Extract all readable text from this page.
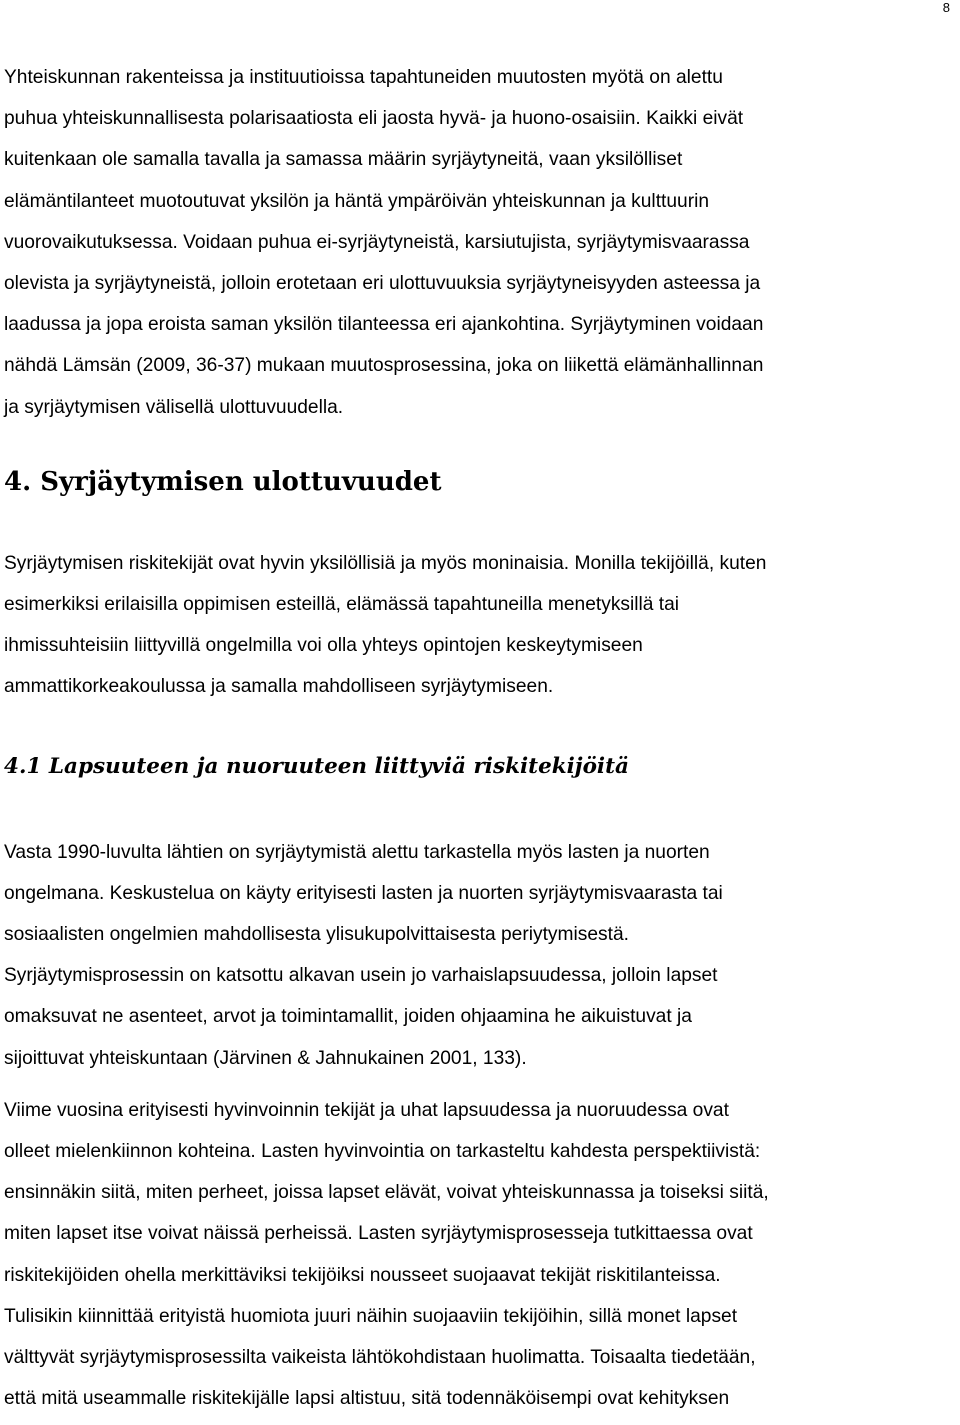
8

Yhteiskunnan rakenteissa ja instituutioissa tapahtuneiden muutosten myötä on alettu
puhua yhteiskunnallisesta polarisaatiosta eli jaosta hyvä- ja huono-osaisiin. Kaikki eivät
kuitenkaan ole samalla tavalla ja samassa määrin syrjäytyneitä, vaan yksilölliset
elämäntilanteet muotoutuvat yksilön ja häntä ympäröivän yhteiskunnan ja kulttuurin
vuorovaikutuksessa. Voidaan puhua ei-syrjäytyneistä, karsiutujista, syrjäytymisvaarassa
olevista ja syrjäytyneistä, jolloin erotetaan eri ulottuvuuksia syrjäytyneisyyden asteessa ja
laadussa ja jopa eroista saman yksilön tilanteessa eri ajankohtina. Syrjäytyminen voidaan
nähdä Lämsän (2009, 36-37) mukaan muutosprosessina, joka on liikettä elämänhallinnan
ja syrjäytymisen välisellä ulottuvuudella.

4. Syrjäytymisen ulottuvuudet

Syrjäytymisen riskitekijät ovat hyvin yksilöllisiä ja myös moninaisia. Monilla tekijöillä, kuten
esimerkiksi erilaisilla oppimisen esteillä, elämässä tapahtuneilla menetyksillä tai
ihmissuhteisiin liittyvillä ongelmilla voi olla yhteys opintojen keskeytymiseen
ammattikorkeakoulussa ja samalla mahdolliseen syrjäytymiseen.

4.1 Lapsuuteen ja nuoruuteen liittyviä riskitekijöitä

Vasta 1990-luvulta lähtien on syrjäytymistä alettu tarkastella myös lasten ja nuorten
ongelmana. Keskustelua on käyty erityisesti lasten ja nuorten syrjäytymisvaarasta tai
sosiaalisten ongelmien mahdollisesta ylisukupolvittaisesta periytymisestä.
Syrjäytymisprosessin on katsottu alkavan usein jo varhaislapsuudessa, jolloin lapset
omaksuvat ne asenteet, arvot ja toimintamallit, joiden ohjaamina he aikuistuvat ja
sijoittuvat yhteiskuntaan (Järvinen & Jahnukainen 2001, 133).

Viime vuosina erityisesti hyvinvoinnin tekijät ja uhat lapsuudessa ja nuoruudessa ovat
olleet mielenkiinnon kohteina. Lasten hyvinvointia on tarkasteltu kahdesta perspektiivistä:
ensinnäkin siitä, miten perheet, joissa lapset elävät, voivat yhteiskunnassa ja toiseksi siitä,
miten lapset itse voivat näissä perheissä. Lasten syrjäytymisprosesseja tutkittaessa ovat
riskitekijöiden ohella merkittäviksi tekijöiksi nousseet suojaavat tekijät riskitilanteissa.
Tulisikin kiinnittää erityistä huomiota juuri näihin suojaaviin tekijöihin, sillä monet lapset
välttyvät syrjäytymisprosessilta vaikeista lähtökohdistaan huolimatta. Toisaalta tiedetään,
että mitä useammalle riskitekijälle lapsi altistuu, sitä todennäköisempi ovat kehityksen
